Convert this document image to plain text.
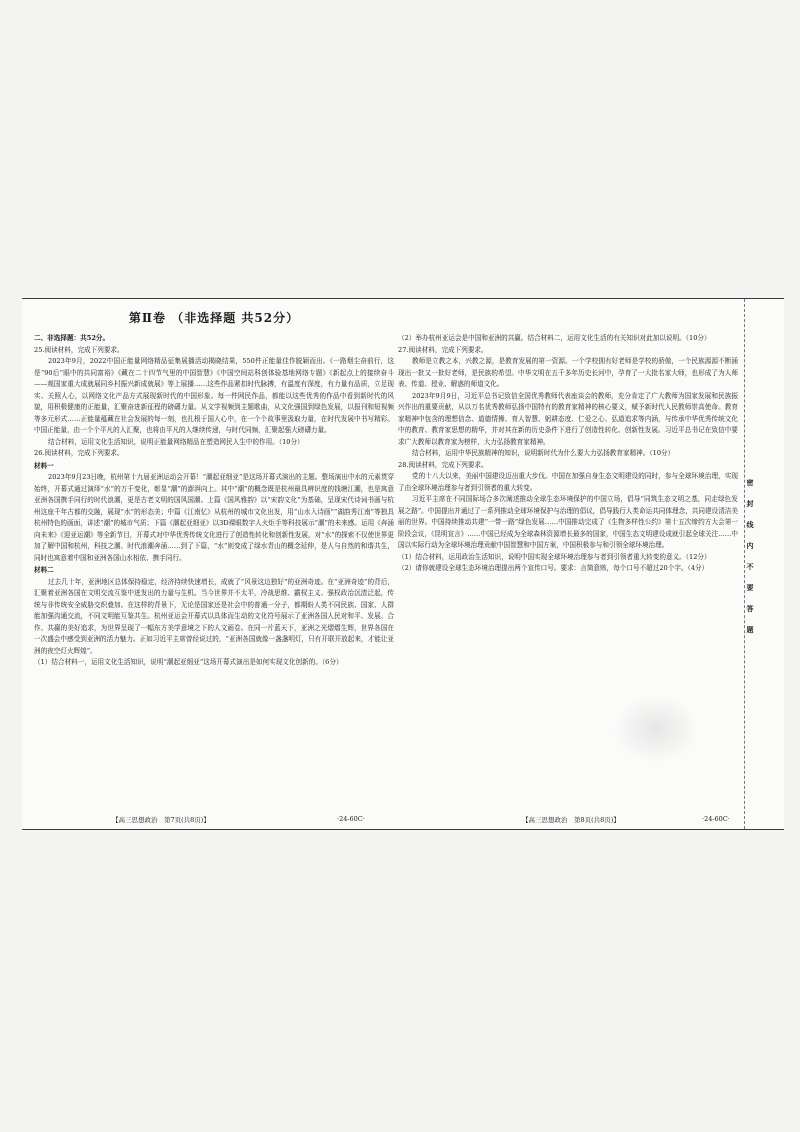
第Ⅱ卷 （非选择题 共52分）

二、非选择题：共52分。

25.阅读材料，完成下列要求。

2023年9月，2022中国正能量网络精品征集展播活动揭晓结果，550件正能量佳作脱颖而出。《一路烟尘奋前行，这是“90后”眼中的共同富裕》《藏在二十四节气里的中国智慧》《中国空间站科创体验基地网络专题》《新起点上的接续奋斗——观国家重大成就展同乡村振兴新成就展》等上展播……这些作品紧扣时代脉搏，有温度有深度，有力量有品质，立足现实、关照人心，以网络文化产品方式展现新时代的中国形象。每一件网民作品，都能以这些优秀的作品中看到新时代的风貌，用积极健康的正能量，汇聚奋进新征程的磅礴力量。从文学视频到主题歌曲，从文化强国到绿色发展，以报刊和短视频等多元形式……正能量蕴藏在社会发展的每一刻，也扎根于国人心中，在一个个故事里汲取力量，在时代发展中书写精彩。中国正能量，由一个个平凡的人汇聚，也将由平凡的人继续传递，与时代同频，汇聚起强大磅礴力量。

结合材料，运用文化生活知识，说明正能量网络精品在塑造网民人生中的作用。（10分）

26.阅读材料，完成下列要求。

材料一

2023年9月23日晚，杭州第十九届亚洲运动会开幕！“潮起亚细亚”是这场开幕式演出的主题。整场演出中水的元素贯穿始终，开幕式通过演绎“水”的万千变化，彰显“潮”的澎湃向上。其中“潮”的概念既是杭州最具辨识度的钱塘江潮，也是寓意亚洲各国携手同行的时代浪潮，更是古老文明的国风国潮。上篇《国风雅韵》以“宋韵文化”为基础，呈现宋代诗词书画与杭州这座千年古都的交融，展现“水”的形态美；中篇《江南忆》从杭州的城市文化出发，用“山水入诗画”“湖韵秀江南”等独具杭州特色的画面，讲述“潮”的城市气质；下篇《潮起亚细亚》以3D裸眼数字人火炬手等科技展示“潮”的未来感。运用《奔涌向未来》《迎亚运潮》等全新节目，开幕式对中华优秀传统文化进行了创造性转化和创新性发展，对“水”的探索不仅使世界更加了解中国和杭州，科技之潮、时代浪潮奔涌……到了下篇，“水”则变成了绿水青山的概念延伸，是人与自然的和谐共生，同时也寓意着中国和亚洲各国山水相依、携手同行。

材料二

过去几十年，亚洲地区总体保持稳定，经济持续快速增长，成就了“风景这边独好”的亚洲奇迹。在“亚洲奇迹”的背后，汇聚着亚洲各国在文明交流互鉴中迸发出的力量与生机。当今世界并不太平，冷战思维、霸权主义、强权政治沉渣泛起，传统与非传统安全威胁交织叠加。在这样的背景下，无论是国家还是社会中的普通一分子，都期盼人类不同民族、国家、人群能加强沟通交流，不同文明能互鉴共生。杭州亚运会开幕式以具体而生动的文化符号展示了亚洲各国人民对和平、发展、合作、共赢的美好追求，为世界呈现了一幅东方美学意境之下的人文画卷。在同一片蓝天下，亚洲之光熠熠生辉，世界各国在一次盛会中感受到亚洲的活力魅力。正如习近平主席曾经说过的，“亚洲各国就像一盏盏明灯，只有开联开放起来，才能让亚洲的夜空灯火辉煌”。

（1）结合材料一，运用文化生活知识，说明“潮起亚细亚”这场开幕式演出是如何实现文化创新的。（6分）

（2）举办杭州亚运会是中国和亚洲的共赢。结合材料二，运用文化生活的有关知识对此加以说明。（10分）

27.阅读材料，完成下列要求。

教师是立教之本，兴教之源，是教育发展的第一资源。一个学校拥有好老师是学校的骄傲，一个民族源源不断涌现出一批又一批好老师，是民族的希望。中华文明在五千多年历史长河中，孕育了一大批名家大师，也形成了为人师表、传道、授业、解惑的师道文化。

2023年9月9日，习近平总书记致信全国优秀教师代表座谈会的教师，充分肯定了广大教师为国家发展和民族振兴作出的重要贡献，从以万名优秀教师弘扬中国特有的教育家精神的核心要义，赋予新时代人民教师崇高使命。教育家精神中包含的理想信念、道德情操、育人智慧、躬耕态度、仁爱之心、弘道追求等内涵，与传承中华优秀传统文化中的教育、教育家思想的精华，并对其在新的历史条件下进行了创造性转化、创新性发展。习近平总书记在致信中要求广大教师以教育家为榜样，大力弘扬教育家精神。

结合材料，运用中华民族精神的知识，说明新时代为什么要大力弘扬教育家精神。（10分）

28.阅读材料，完成下列要求。

党的十八大以来，美丽中国建设迈出重大步伐。中国在加强自身生态文明建设的同时，参与全球环境治理，实现了由全球环境治理参与者到引领者的重大转变。

习近平主席在不同国际场合多次阐述推动全球生态环境保护的中国立场，倡导“同筑生态文明之基，同走绿色发展之路”。中国提出并通过了一系列推动全球环境保护与治理的倡议，倡导践行人类命运共同体理念，共同建设清洁美丽的世界。中国持续推动共建“一带一路”绿色发展……中国推动完成了《生物多样性公约》第十五次缔约方大会第一阶段会议，《昆明宣言》……中国已经成为全球森林资源增长最多的国家，中国生态文明建设成就引起全球关注……中国以实际行动为全球环境治理贡献中国智慧和中国方案，中国积极参与和引领全球环境治理。

（1）结合材料，运用政治生活知识，说明中国实现全球环境治理参与者到引领者重大转变的意义。（12分）

（2）请你就建设全球生态环境治理提出两个宣传口号。要求：言简意赅，每个口号不超过20个字。（4分）

【高三思想政治　第7页(共8页)】	·24-60C·	【高三思想政治　第8页(共8页)】	·24-60C·
密封线内不要答题
